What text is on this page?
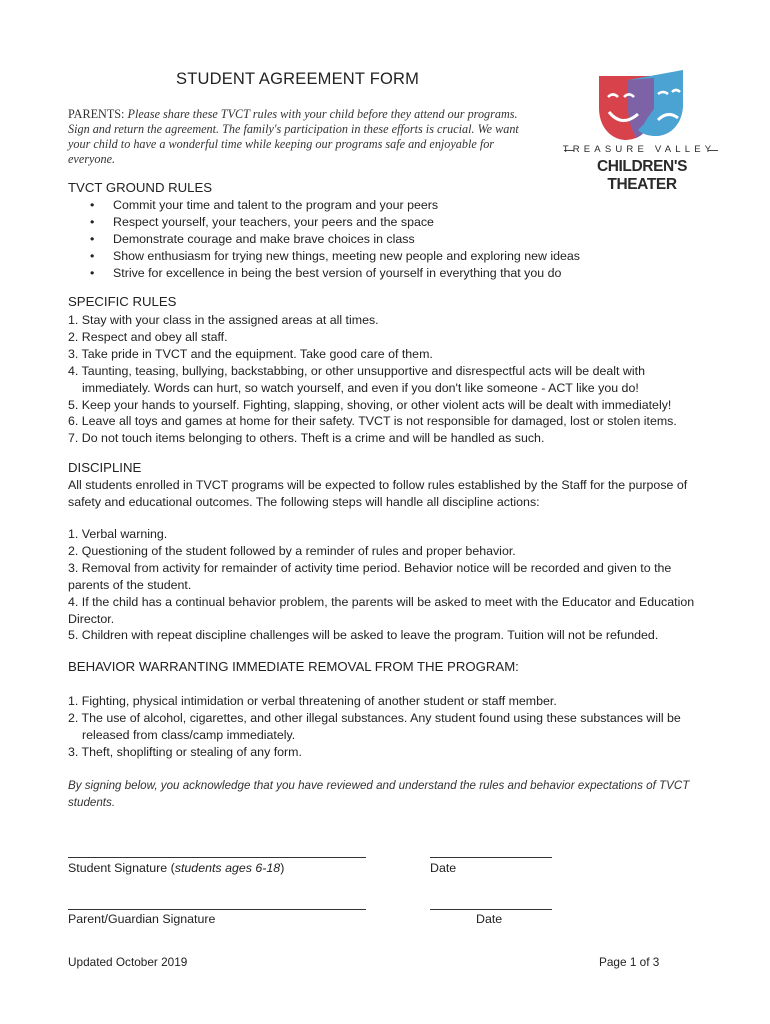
STUDENT AGREEMENT FORM
PARENTS: Please share these TVCT rules with your child before they attend our programs. Sign and return the agreement. The family's participation in these efforts is crucial. We want your child to have a wonderful time while keeping our programs safe and enjoyable for everyone.
TREASURE VALLEY
CHILDREN'S THEATER
TVCT GROUND RULES
• Commit your time and talent to the program and your peers
• Respect yourself, your teachers, your peers and the space
• Demonstrate courage and make brave choices in class
• Show enthusiasm for trying new things, meeting new people and exploring new ideas
• Strive for excellence in being the best version of yourself in everything that you do
SPECIFIC RULES
1. Stay with your class in the assigned areas at all times.
2. Respect and obey all staff.
3. Take pride in TVCT and the equipment. Take good care of them.
4. Taunting, teasing, bullying, backstabbing, or other unsupportive and disrespectful acts will be dealt with immediately. Words can hurt, so watch yourself, and even if you don't like someone - ACT like you do!
5. Keep your hands to yourself. Fighting, slapping, shoving, or other violent acts will be dealt with immediately!
6. Leave all toys and games at home for their safety. TVCT is not responsible for damaged, lost or stolen items.
7. Do not touch items belonging to others. Theft is a crime and will be handled as such.
DISCIPLINE
All students enrolled in TVCT programs will be expected to follow rules established by the Staff for the purpose of safety and educational outcomes. The following steps will handle all discipline actions:
1. Verbal warning.
2. Questioning of the student followed by a reminder of rules and proper behavior.
3. Removal from activity for remainder of activity time period. Behavior notice will be recorded and given to the parents of the student.
4. If the child has a continual behavior problem, the parents will be asked to meet with the Educator and Education Director.
5. Children with repeat discipline challenges will be asked to leave the program. Tuition will not be refunded.
BEHAVIOR WARRANTING IMMEDIATE REMOVAL FROM THE PROGRAM:
1. Fighting, physical intimidation or verbal threatening of another student or staff member.
2. The use of alcohol, cigarettes, and other illegal substances. Any student found using these substances will be released from class/camp immediately.
3. Theft, shoplifting or stealing of any form.
By signing below, you acknowledge that you have reviewed and understand the rules and behavior expectations of TVCT students.
Student Signature (students ages 6-18)	Date
Parent/Guardian Signature	Date
Updated October 2019	Page 1 of 3
